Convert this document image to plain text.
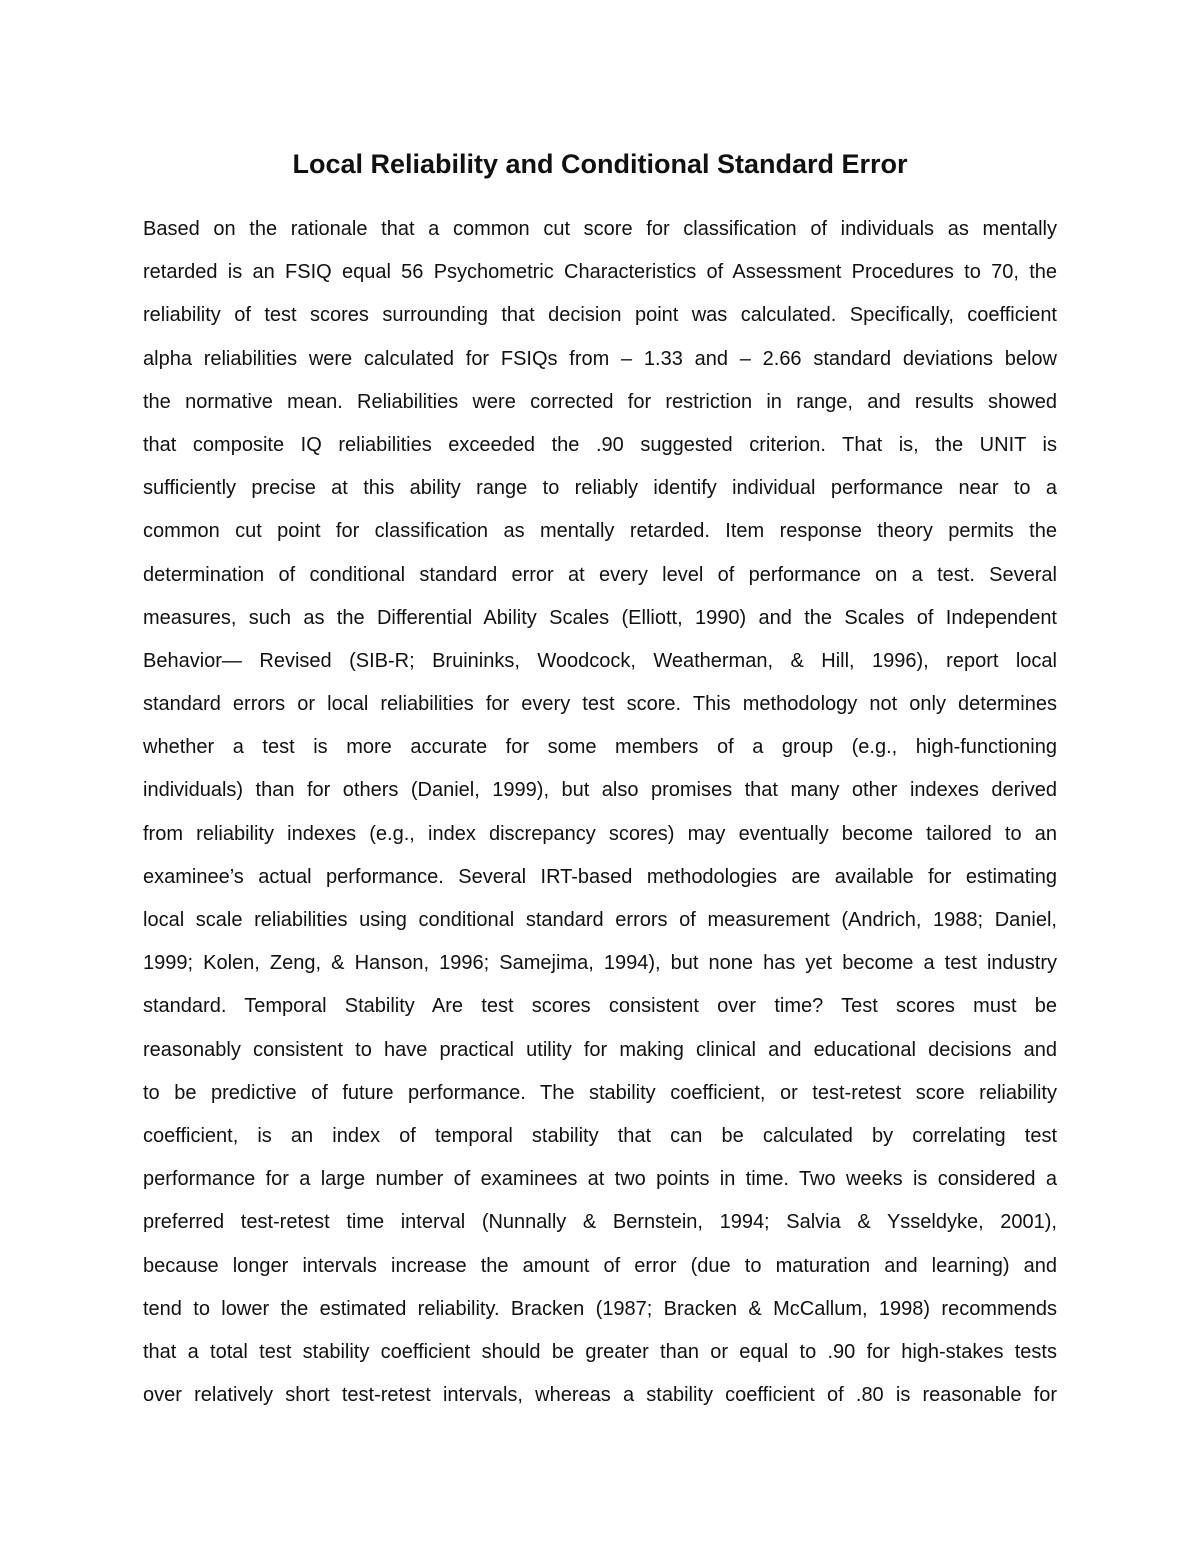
Local Reliability and Conditional Standard Error
Based on the rationale that a common cut score for classification of individuals as mentally
retarded is an FSIQ equal 56 Psychometric Characteristics of Assessment Procedures to 70, the
reliability of test scores surrounding that decision point was calculated. Specifically, coefficient
alpha reliabilities were calculated for FSIQs from – 1.33 and – 2.66 standard deviations below
the normative mean. Reliabilities were corrected for restriction in range, and results showed
that composite IQ reliabilities exceeded the .90 suggested criterion. That is, the UNIT is
sufficiently precise at this ability range to reliably identify individual performance near to a
common cut point for classification as mentally retarded. Item response theory permits the
determination of conditional standard error at every level of performance on a test. Several
measures, such as the Differential Ability Scales (Elliott, 1990) and the Scales of Independent
Behavior— Revised (SIB-R; Bruininks, Woodcock, Weatherman, & Hill, 1996), report local
standard errors or local reliabilities for every test score. This methodology not only determines
whether a test is more accurate for some members of a group (e.g., high-functioning
individuals) than for others (Daniel, 1999), but also promises that many other indexes derived
from reliability indexes (e.g., index discrepancy scores) may eventually become tailored to an
examinee’s actual performance. Several IRT-based methodologies are available for estimating
local scale reliabilities using conditional standard errors of measurement (Andrich, 1988; Daniel,
1999; Kolen, Zeng, & Hanson, 1996; Samejima, 1994), but none has yet become a test industry
standard. Temporal Stability Are test scores consistent over time? Test scores must be
reasonably consistent to have practical utility for making clinical and educational decisions and
to be predictive of future performance. The stability coefficient, or test-retest score reliability
coefficient, is an index of temporal stability that can be calculated by correlating test
performance for a large number of examinees at two points in time. Two weeks is considered a
preferred test-retest time interval (Nunnally & Bernstein, 1994; Salvia & Ysseldyke, 2001),
because longer intervals increase the amount of error (due to maturation and learning) and
tend to lower the estimated reliability. Bracken (1987; Bracken & McCallum, 1998) recommends
that a total test stability coefficient should be greater than or equal to .90 for high-stakes tests
over relatively short test-retest intervals, whereas a stability coefficient of .80 is reasonable for
